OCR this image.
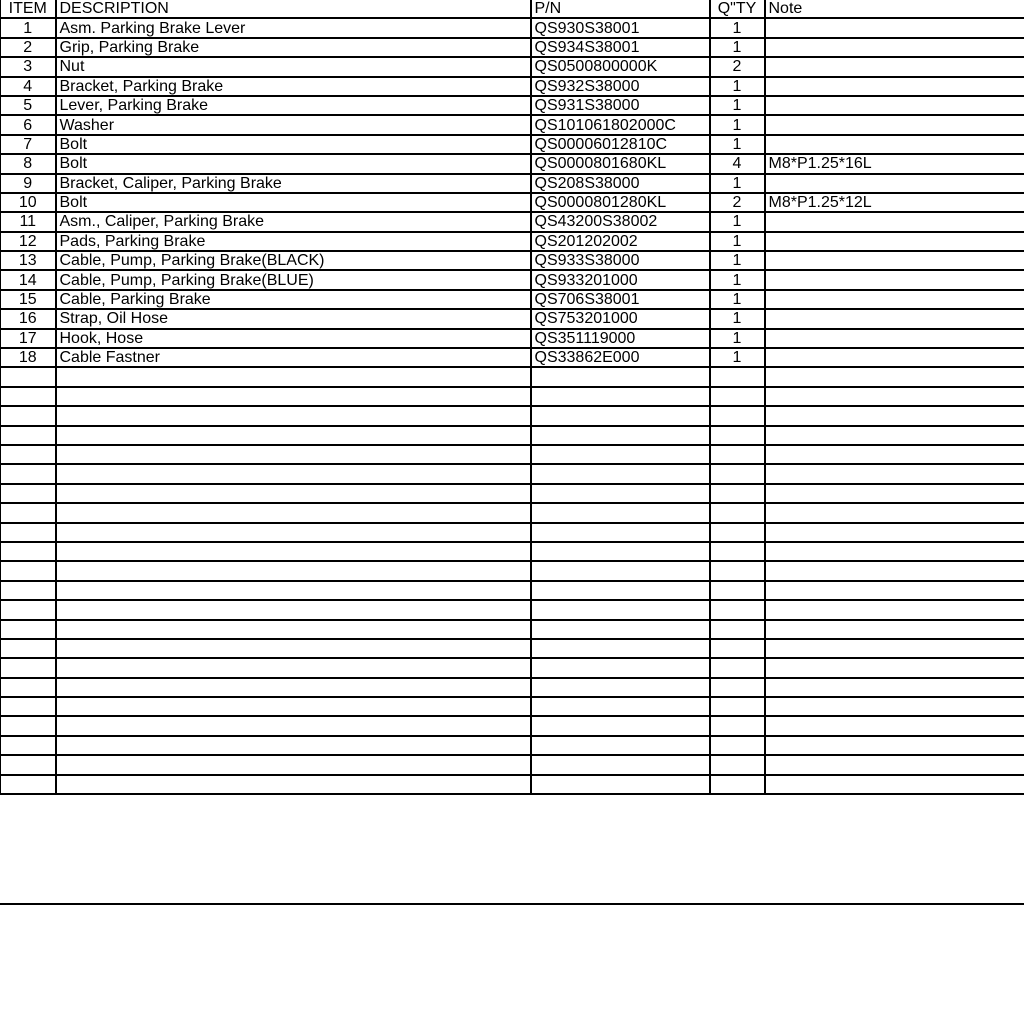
ITEM	DESCRIPTION	P/N	Q"TY	Note
1	Asm. Parking Brake Lever	QS930S38001	1	
2	Grip, Parking Brake	QS934S38001	1	
3	Nut	QS0500800000K	2	
4	Bracket, Parking Brake	QS932S38000	1	
5	Lever, Parking Brake	QS931S38000	1	
6	Washer	QS101061802000C	1	
7	Bolt	QS00006012810C	1	
8	Bolt	QS0000801680KL	4	M8*P1.25*16L
9	Bracket, Caliper, Parking Brake	QS208S38000	1	
10	Bolt	QS0000801280KL	2	M8*P1.25*12L
11	Asm., Caliper, Parking Brake	QS43200S38002	1	
12	Pads, Parking Brake	QS201202002	1	
13	Cable, Pump, Parking Brake(BLACK)	QS933S38000	1	
14	Cable, Pump, Parking Brake(BLUE)	QS933201000	1	
15	Cable, Parking Brake	QS706S38001	1	
16	Strap, Oil Hose	QS753201000	1	
17	Hook, Hose	QS351119000	1	
18	Cable Fastner	QS33862E000	1	
